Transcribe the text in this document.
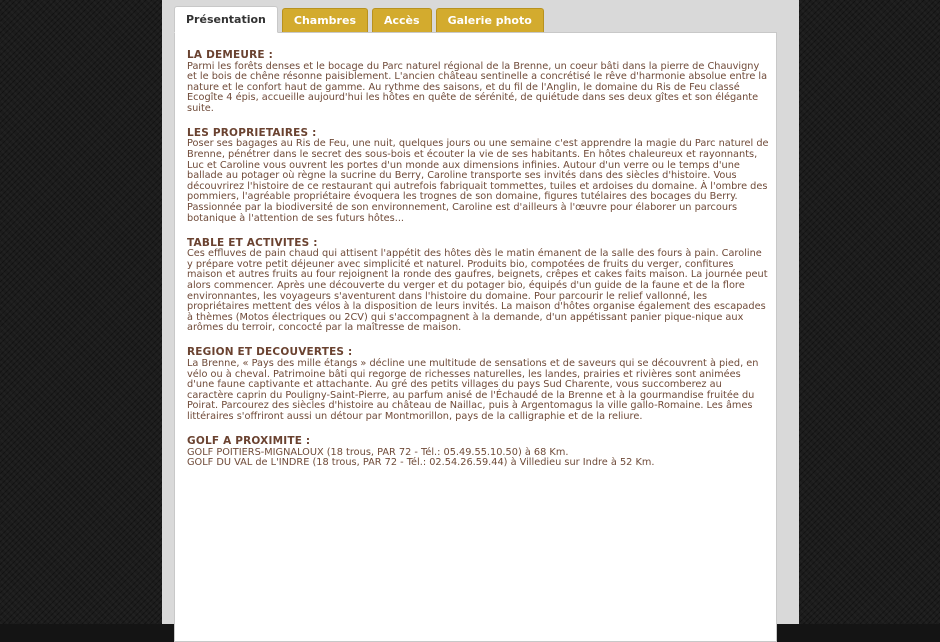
Présentation	Chambres	Accès	Galerie photo
LA DEMEURE :
Parmi les forêts denses et le bocage du Parc naturel régional de la Brenne, un coeur bâti dans la pierre de Chauvigny et le bois de chêne résonne paisiblement. L'ancien château sentinelle a concrétisé le rêve d'harmonie absolue entre la nature et le confort haut de gamme. Au rythme des saisons, et du fil de l'Anglin, le domaine du Ris de Feu classé Ecogîte 4 épis, accueille aujourd'hui les hôtes en quête de sérénité, de quiétude dans ses deux gîtes et son élégante suite.
LES PROPRIETAIRES :
Poser ses bagages au Ris de Feu, une nuit, quelques jours ou une semaine c'est apprendre la magie du Parc naturel de Brenne, pénétrer dans le secret des sous-bois et écouter la vie de ses habitants. En hôtes chaleureux et rayonnants, Luc et Caroline vous ouvrent les portes d'un monde aux dimensions infinies. Autour d'un verre ou le temps d'une ballade au potager où règne la sucrine du Berry, Caroline transporte ses invités dans des siècles d'histoire. Vous découvrirez l'histoire de ce restaurant qui autrefois fabriquait tommettes, tuiles et ardoises du domaine. À l'ombre des pommiers, l'agréable propriétaire évoquera les trognes de son domaine, figures tutélaires des bocages du Berry. Passionnée par la biodiversité de son environnement, Caroline est d'ailleurs à l'œuvre pour élaborer un parcours botanique à l'attention de ses futurs hôtes...
TABLE ET ACTIVITES :
Ces effluves de pain chaud qui attisent l'appétit des hôtes dès le matin émanent de la salle des fours à pain. Caroline y prépare votre petit déjeuner avec simplicité et naturel. Produits bio, compotées de fruits du verger, confitures maison et autres fruits au four rejoignent la ronde des gaufres, beignets, crêpes et cakes faits maison. La journée peut alors commencer. Après une découverte du verger et du potager bio, équipés d'un guide de la faune et de la flore environnantes, les voyageurs s'aventurent dans l'histoire du domaine. Pour parcourir le relief vallonné, les propriétaires mettent des vélos à la disposition de leurs invités. La maison d'hôtes organise également des escapades à thèmes (Motos électriques ou 2CV) qui s'accompagnent à la demande, d'un appétissant panier pique-nique aux arômes du terroir, concocté par la maîtresse de maison.
REGION ET DECOUVERTES :
La Brenne, « Pays des mille étangs » décline une multitude de sensations et de saveurs qui se découvrent à pied, en vélo ou à cheval. Patrimoine bâti qui regorge de richesses naturelles, les landes, prairies et rivières sont animées d'une faune captivante et attachante. Au gré des petits villages du pays Sud Charente, vous succomberez au caractère caprin du Pouligny-Saint-Pierre, au parfum anisé de l'Échaudé de la Brenne et à la gourmandise fruitée du Poirat. Parcourez des siècles d'histoire au château de Naillac, puis à Argentomagus la ville gallo-Romaine. Les âmes littéraires s'offriront aussi un détour par Montmorillon, pays de la calligraphie et de la reliure.
GOLF A PROXIMITE :
GOLF POITIERS-MIGNALOUX (18 trous, PAR 72 - Tél.: 05.49.55.10.50) à 68 Km.
GOLF DU VAL de L'INDRE (18 trous, PAR 72 - Tél.: 02.54.26.59.44) à Villedieu sur Indre à 52 Km.
